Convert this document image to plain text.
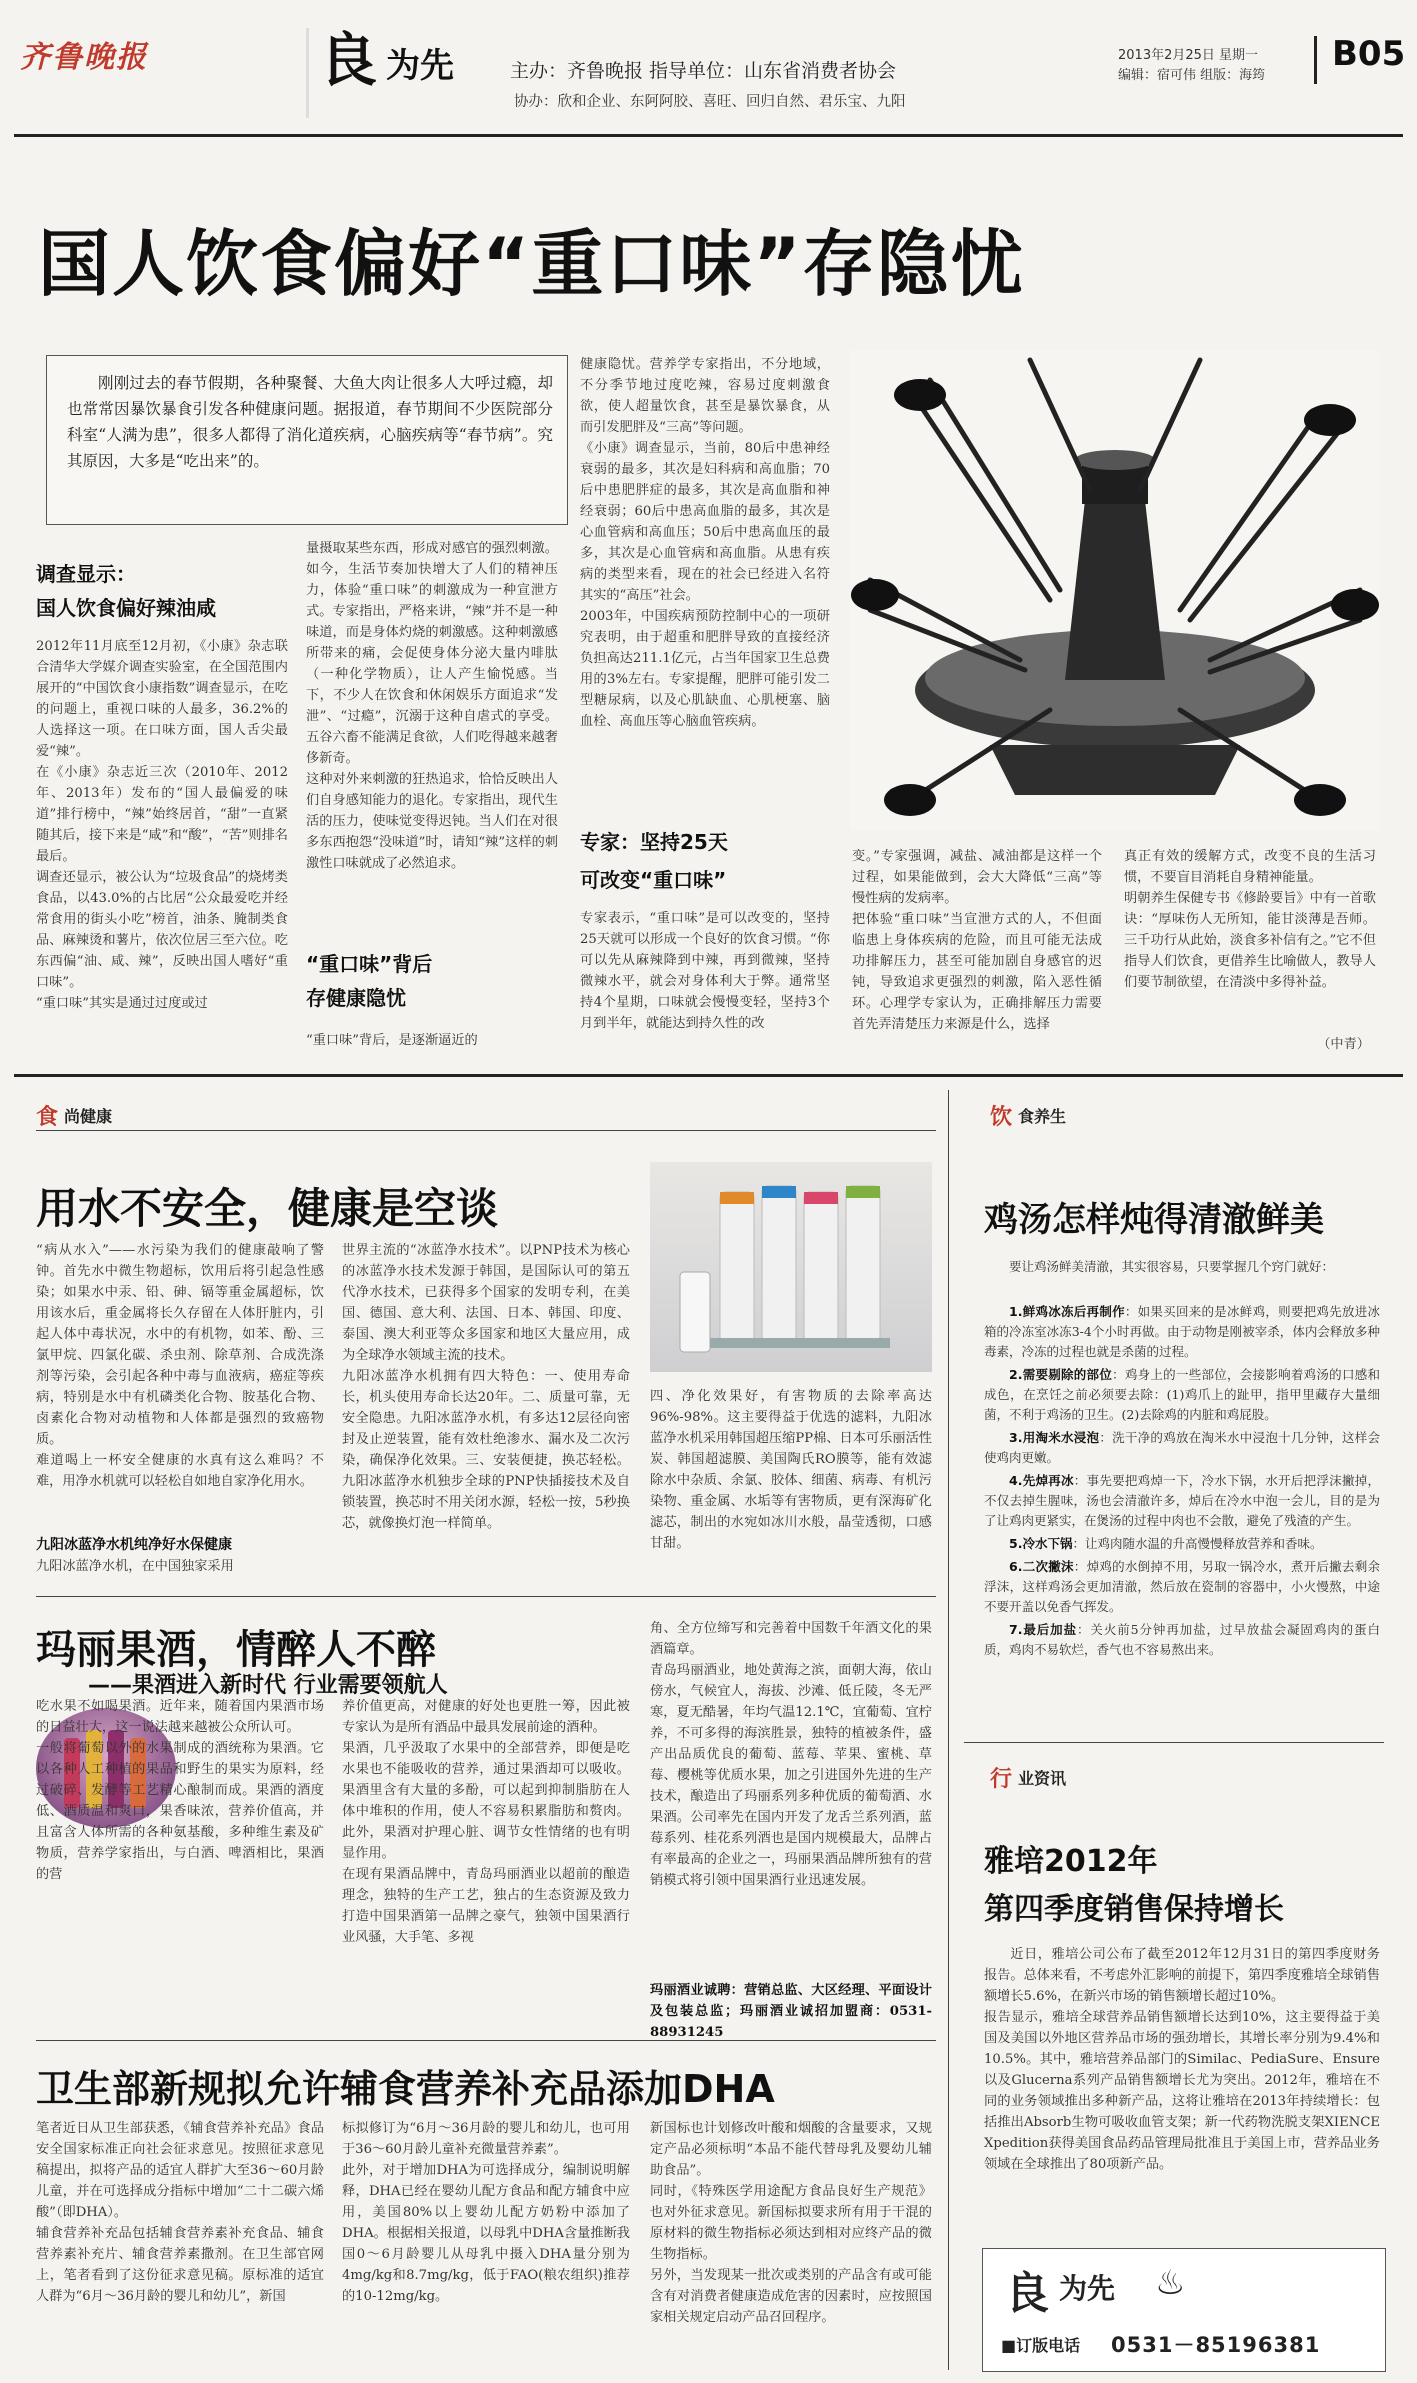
齐鲁晚报	良 为先	主办：齐鲁晚报 指导单位：山东省消费者协会
协办：欣和企业、东阿阿胶、喜旺、回归自然、君乐宝、九阳
2013年2月25日 星期一
编辑：宿可伟 组版：海筠
B05
国人饮食偏好“重口味”存隐忧
刚刚过去的春节假期，各种聚餐、大鱼大肉让很多人大呼过瘾，却也常常因暴饮暴食引发各种健康问题。据报道，春节期间不少医院部分科室“人满为患”，很多人都得了消化道疾病，心脑疾病等“春节病”。究其原因，大多是“吃出来”的。
调查显示：
国人饮食偏好辣油咸
2012年11月底至12月初，《小康》杂志联合清华大学媒介调查实验室，在全国范围内展开的“中国饮食小康指数”调查显示，在吃的问题上，重视口味的人最多，36.2%的人选择这一项。在口味方面，国人舌尖最爱“辣”。
在《小康》杂志近三次（2010年、2012年、2013年）发布的“国人最偏爱的味道”排行榜中，“辣”始终居首，“甜”一直紧随其后，接下来是“咸”和“酸”，“苦”则排名最后。
调查还显示，被公认为“垃圾食品”的烧烤类食品，以43.0%的占比居“公众最爱吃并经常食用的街头小吃”榜首，油条、腌制类食品、麻辣烫和薯片，依次位居三至六位。吃东西偏“油、咸、辣”，反映出国人嗜好“重口味”。
“重口味”其实是通过过度或过
量摄取某些东西，形成对感官的强烈刺激。如今，生活节奏加快增大了人们的精神压力，体验“重口味”的刺激成为一种宣泄方式。专家指出，严格来讲，“辣”并不是一种味道，而是身体灼烧的刺激感。这种刺激感所带来的痛，会促使身体分泌大量内啡肽（一种化学物质），让人产生愉悦感。当下，不少人在饮食和休闲娱乐方面追求“发泄”、“过瘾”，沉溺于这种自虐式的享受。五谷六畜不能满足食欲，人们吃得越来越奢侈新奇。
这种对外来刺激的狂热追求，恰恰反映出人们自身感知能力的退化。专家指出，现代生活的压力，使味觉变得迟钝。当人们在对很多东西抱怨“没味道”时，请知“辣”这样的刺激性口味就成了必然追求。
“重口味”背后
存健康隐忧
“重口味”背后，是逐渐逼近的
健康隐忧。营养学专家指出，不分地域，不分季节地过度吃辣，容易过度刺激食欲，使人超量饮食，甚至是暴饮暴食，从而引发肥胖及“三高”等问题。
《小康》调查显示，当前，80后中患神经衰弱的最多，其次是妇科病和高血脂；70后中患肥胖症的最多，其次是高血脂和神经衰弱；60后中患高血脂的最多，其次是心血管病和高血压；50后中患高血压的最多，其次是心血管病和高血脂。从患有疾病的类型来看，现在的社会已经进入名符其实的“高压”社会。
2003年，中国疾病预防控制中心的一项研究表明，由于超重和肥胖导致的直接经济负担高达211.1亿元，占当年国家卫生总费用的3%左右。专家提醒，肥胖可能引发二型糖尿病，以及心肌缺血、心肌梗塞、脑血栓、高血压等心脑血管疾病。
专家：坚持25天
可改变“重口味”
专家表示，“重口味”是可以改变的，坚持25天就可以形成一个良好的饮食习惯。“你可以先从麻辣降到中辣，再到微辣，坚持微辣水平，就会对身体利大于弊。通常坚持4个星期，口味就会慢慢变轻，坚持3个月到半年，就能达到持久性的改
变。”专家强调，减盐、减油都是这样一个过程，如果能做到，会大大降低“三高”等慢性病的发病率。
把体验“重口味”当宣泄方式的人，不但面临患上身体疾病的危险，而且可能无法成功排解压力，甚至可能加剧自身感官的迟钝，导致追求更强烈的刺激，陷入恶性循环。心理学专家认为，正确排解压力需要首先弄清楚压力来源是什么，选择
真正有效的缓解方式，改变不良的生活习惯，不要盲目消耗自身精神能量。
明朝养生保健专书《修龄要旨》中有一首歌诀：“厚味伤人无所知，能甘淡薄是吾师。三千功行从此始，淡食多补信有之。”它不但指导人们饮食，更借养生比喻做人，教导人们要节制欲望，在清淡中多得补益。
（中青）
食 尚健康
用水不安全，健康是空谈
“病从水入”——水污染为我们的健康敲响了警钟。首先水中微生物超标，饮用后将引起急性感染；如果水中汞、铅、砷、镉等重金属超标，饮用该水后，重金属将长久存留在人体肝脏内，引起人体中毒状况，水中的有机物，如苯、酚、三氯甲烷、四氯化碳、杀虫剂、除草剂、合成洗涤剂等污染，会引起各种中毒与血液病，癌症等疾病，特别是水中有机磷类化合物、胺基化合物、卤素化合物对动植物和人体都是强烈的致癌物质。
难道喝上一杯安全健康的水真有这么难吗？不难，用净水机就可以轻松自如地自家净化用水。
九阳冰蓝净水机纯净好水保健康
九阳冰蓝净水机，在中国独家采用
世界主流的“冰蓝净水技术”。以PNP技术为核心的冰蓝净水技术发源于韩国，是国际认可的第五代净水技术，已获得多个国家的发明专利，在美国、德国、意大利、法国、日本、韩国、印度、泰国、澳大利亚等众多国家和地区大量应用，成为全球净水领域主流的技术。
九阳冰蓝净水机拥有四大特色：一、使用寿命长，机头使用寿命长达20年。二、质量可靠，无安全隐患。九阳冰蓝净水机，有多达12层径向密封及止逆装置，能有效杜绝渗水、漏水及二次污染，确保净化效果。三、安装便捷，换芯轻松。九阳冰蓝净水机独步全球的PNP快插接技术及自锁装置，换芯时不用关闭水源，轻松一按，5秒换芯，就像换灯泡一样简单。
四、净化效果好，有害物质的去除率高达96%-98%。这主要得益于优选的滤料，九阳冰蓝净水机采用韩国超压缩PP棉、日本可乐丽活性炭、韩国超滤膜、美国陶氏RO膜等，能有效滤除水中杂质、余氯、胶体、细菌、病毒、有机污染物、重金属、水垢等有害物质，更有深海矿化滤芯，制出的水宛如冰川水般，晶莹透彻，口感甘甜。
玛丽果酒，情醉人不醉
——果酒进入新时代 行业需要领航人
吃水果不如喝果酒。近年来，随着国内果酒市场的日益壮大，这一说法越来越被公众所认可。
一般将葡萄以外的水果制成的酒统称为果酒。它以各种人工种植的果品和野生的果实为原料，经过破碎、发酵等工艺精心酿制而成。果酒的酒度低、酒质温和爽口，果香味浓，营养价值高，并且富含人体所需的各种氨基酸，多种维生素及矿物质，营养学家指出，与白酒、啤酒相比，果酒的营
养价值更高，对健康的好处也更胜一筹，因此被专家认为是所有酒品中最具发展前途的酒种。
果酒，几乎汲取了水果中的全部营养，即便是吃水果也不能吸收的营养，通过果酒却可以吸收。果酒里含有大量的多酚，可以起到抑制脂肪在人体中堆积的作用，使人不容易积累脂肪和赘肉。此外，果酒对护理心脏、调节女性情绪的也有明显作用。
在现有果酒品牌中，青岛玛丽酒业以超前的酿造理念，独特的生产工艺，独占的生态资源及致力打造中国果酒第一品牌之豪气，独领中国果酒行业风骚，大手笔、多视
角、全方位缔写和完善着中国数千年酒文化的果酒篇章。
青岛玛丽酒业，地处黄海之滨，面朝大海，依山傍水，气候宜人，海拔、沙滩、低丘陵，冬无严寒，夏无酷暑，年均气温12.1℃，宜葡萄、宜柠养，不可多得的海滨胜景，独特的植被条件，盛产出品质优良的葡萄、蓝莓、苹果、蜜桃、草莓、樱桃等优质水果，加之引进国外先进的生产技术，酿造出了玛丽系列多种优质的葡萄酒、水果酒。公司率先在国内开发了龙舌兰系列酒，蓝莓系列、桂花系列酒也是国内规模最大，品牌占有率最高的企业之一，玛丽果酒品牌所独有的营销模式将引领中国果酒行业迅速发展。
玛丽酒业诚聘：营销总监、大区经理、平面设计及包装总监；玛丽酒业诚招加盟商：0531-88931245
卫生部新规拟允许辅食营养补充品添加DHA
笔者近日从卫生部获悉，《辅食营养补充品》食品安全国家标准正向社会征求意见。按照征求意见稿提出，拟将产品的适宜人群扩大至36～60月龄儿童，并在可选择成分指标中增加“二十二碳六烯酸”（即DHA）。
辅食营养补充品包括辅食营养素补充食品、辅食营养素补充片、辅食营养素撒剂。在卫生部官网上，笔者看到了这份征求意见稿。原标准的适宜人群为“6月～36月龄的婴儿和幼儿”，新国
标拟修订为“6月～36月龄的婴儿和幼儿，也可用于36～60月龄儿童补充微量营养素”。
此外，对于增加DHA为可选择成分，编制说明解释，DHA已经在婴幼儿配方食品和配方辅食中应用，美国80%以上婴幼儿配方奶粉中添加了DHA。根据相关报道，以母乳中DHA含量推断我国0～6月龄婴儿从母乳中摄入DHA量分别为4mg/kg和8.7mg/kg，低于FAO(粮农组织)推荐的10-12mg/kg。
新国标也计划修改叶酸和烟酸的含量要求，又规定产品必须标明“本品不能代替母乳及婴幼儿辅助食品”。
同时，《特殊医学用途配方食品良好生产规范》也对外征求意见。新国标拟要求所有用于干混的原材料的微生物指标必须达到相对应终产品的微生物指标。
另外，当发现某一批次或类别的产品含有或可能含有对消费者健康造成危害的因素时，应按照国家相关规定启动产品召回程序。
饮 食养生
鸡汤怎样炖得清澈鲜美
要让鸡汤鲜美清澈，其实很容易，只要掌握几个窍门就好：
1.鲜鸡冰冻后再制作：如果买回来的是冰鲜鸡，则要把鸡先放进冰箱的冷冻室冰冻3-4个小时再做。由于动物是刚被宰杀，体内会释放多种毒素，冷冻的过程也就是杀菌的过程。
2.需要剔除的部位：鸡身上的一些部位，会接影响着鸡汤的口感和成色，在烹饪之前必须要去除：(1)鸡爪上的趾甲，指甲里藏存大量细菌，不利于鸡汤的卫生。(2)去除鸡的内脏和鸡屁股。
3.用淘米水浸泡：洗干净的鸡放在淘米水中浸泡十几分钟，这样会使鸡肉更嫩。
4.先焯再冰：事先要把鸡焯一下，冷水下锅，水开后把浮沫撇掉，不仅去掉生腥味，汤也会清澈许多，焯后在冷水中泡一会儿，目的是为了让鸡肉更紧实，在煲汤的过程中肉也不会散，避免了残渣的产生。
5.冷水下锅：让鸡肉随水温的升高慢慢释放营养和香味。
6.二次撇沫：焯鸡的水倒掉不用，另取一锅冷水，煮开后撇去剩余浮沫，这样鸡汤会更加清澈，然后放在瓷制的容器中，小火慢熬，中途不要开盖以免香气挥发。
7.最后加盐：关火前5分钟再加盐，过早放盐会凝固鸡肉的蛋白质，鸡肉不易软烂，香气也不容易熬出来。
行 业资讯
雅培2012年
第四季度销售保持增长
近日，雅培公司公布了截至2012年12月31日的第四季度财务报告。总体来看，不考虑外汇影响的前提下，第四季度雅培全球销售额增长5.6%，在新兴市场的销售额增长超过10%。
报告显示，雅培全球营养品销售额增长达到10%，这主要得益于美国及美国以外地区营养品市场的强劲增长，其增长率分别为9.4%和10.5%。其中，雅培营养品部门的Similac、PediaSure、Ensure以及Glucerna系列产品销售额增长尤为突出。2012年，雅培在不同的业务领域推出多种新产品，这将让雅培在2013年持续增长：包括推出Absorb生物可吸收血管支架；新一代药物洗脱支架XIENCE Xpedition获得美国食品药品管理局批准且于美国上市，营养品业务领域在全球推出了80项新产品。
良 为先 ♨
■订版电话 0531－85196381
